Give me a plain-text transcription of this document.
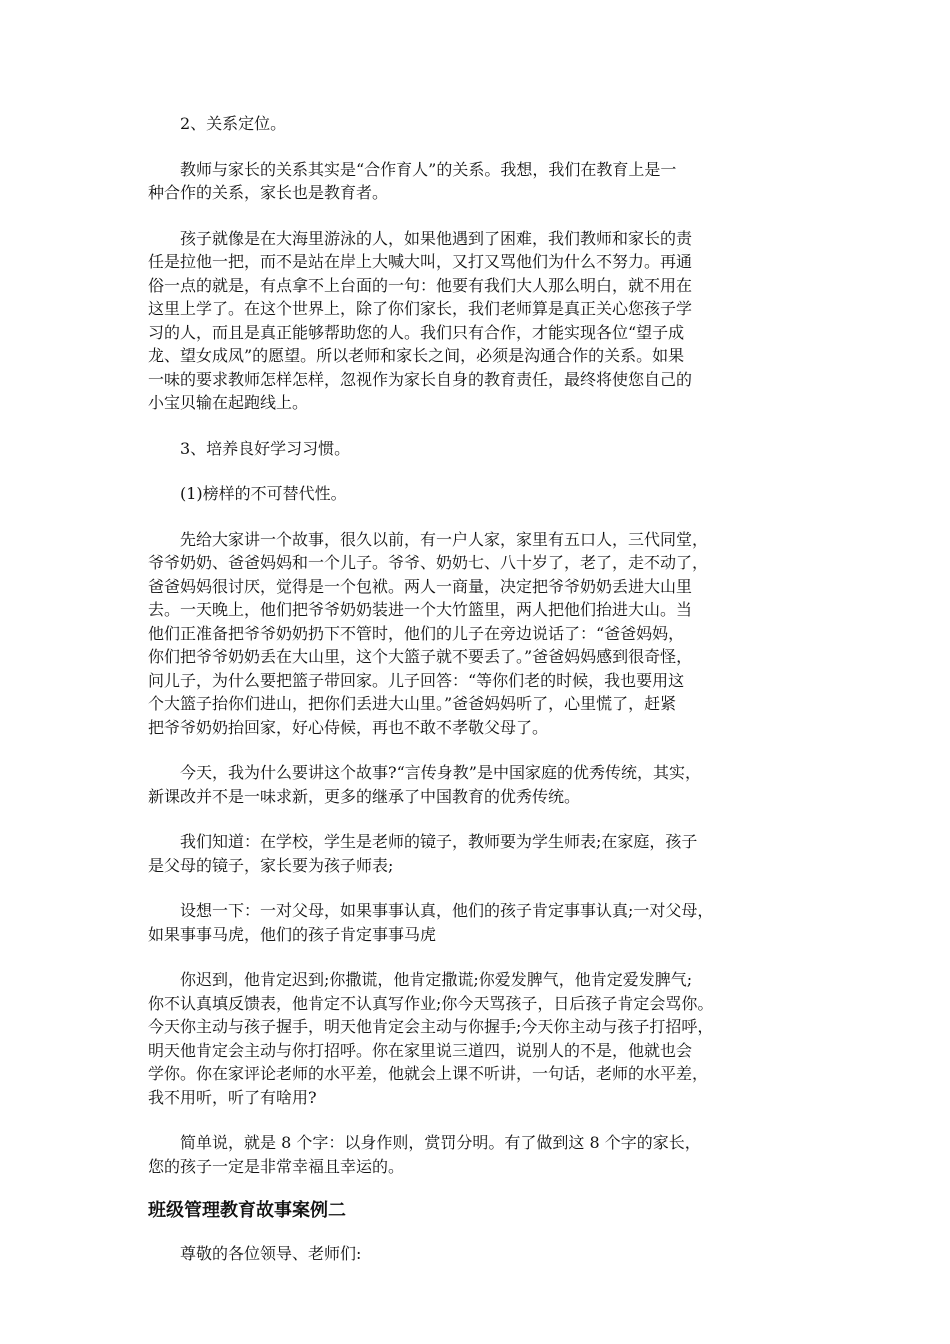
2、关系定位。

教师与家长的关系其实是“合作育人”的关系。我想，我们在教育上是一
种合作的关系，家长也是教育者。

孩子就像是在大海里游泳的人，如果他遇到了困难，我们教师和家长的责
任是拉他一把，而不是站在岸上大喊大叫，又打又骂他们为什么不努力。再通
俗一点的就是，有点拿不上台面的一句：他要有我们大人那么明白，就不用在
这里上学了。在这个世界上，除了你们家长，我们老师算是真正关心您孩子学
习的人，而且是真正能够帮助您的人。我们只有合作，才能实现各位“望子成
龙、望女成凤”的愿望。所以老师和家长之间，必须是沟通合作的关系。如果
一味的要求教师怎样怎样，忽视作为家长自身的教育责任，最终将使您自己的
小宝贝输在起跑线上。

3、培养良好学习习惯。

(1)榜样的不可替代性。

先给大家讲一个故事，很久以前，有一户人家，家里有五口人，三代同堂，
爷爷奶奶、爸爸妈妈和一个儿子。爷爷、奶奶七、八十岁了，老了，走不动了，
爸爸妈妈很讨厌，觉得是一个包袱。两人一商量，决定把爷爷奶奶丢进大山里
去。一天晚上，他们把爷爷奶奶装进一个大竹篮里，两人把他们抬进大山。当
他们正准备把爷爷奶奶扔下不管时，他们的儿子在旁边说话了：“爸爸妈妈，
你们把爷爷奶奶丢在大山里，这个大篮子就不要丢了。”爸爸妈妈感到很奇怪，
问儿子，为什么要把篮子带回家。儿子回答：“等你们老的时候，我也要用这
个大篮子抬你们进山，把你们丢进大山里。”爸爸妈妈听了，心里慌了，赶紧
把爷爷奶奶抬回家，好心侍候，再也不敢不孝敬父母了。

今天，我为什么要讲这个故事?“言传身教”是中国家庭的优秀传统，其实，
新课改并不是一味求新，更多的继承了中国教育的优秀传统。

我们知道：在学校，学生是老师的镜子，教师要为学生师表;在家庭，孩子
是父母的镜子，家长要为孩子师表;

设想一下：一对父母，如果事事认真，他们的孩子肯定事事认真;一对父母，
如果事事马虎，他们的孩子肯定事事马虎

你迟到，他肯定迟到;你撒谎，他肯定撒谎;你爱发脾气，他肯定爱发脾气;
你不认真填反馈表，他肯定不认真写作业;你今天骂孩子，日后孩子肯定会骂你。
今天你主动与孩子握手，明天他肯定会主动与你握手;今天你主动与孩子打招呼，
明天他肯定会主动与你打招呼。你在家里说三道四，说别人的不是，他就也会
学你。你在家评论老师的水平差，他就会上课不听讲，一句话，老师的水平差，
我不用听，听了有啥用?

简单说，就是 8 个字：以身作则，赏罚分明。有了做到这 8 个字的家长，
您的孩子一定是非常幸福且幸运的。

班级管理教育故事案例二

尊敬的各位领导、老师们:
